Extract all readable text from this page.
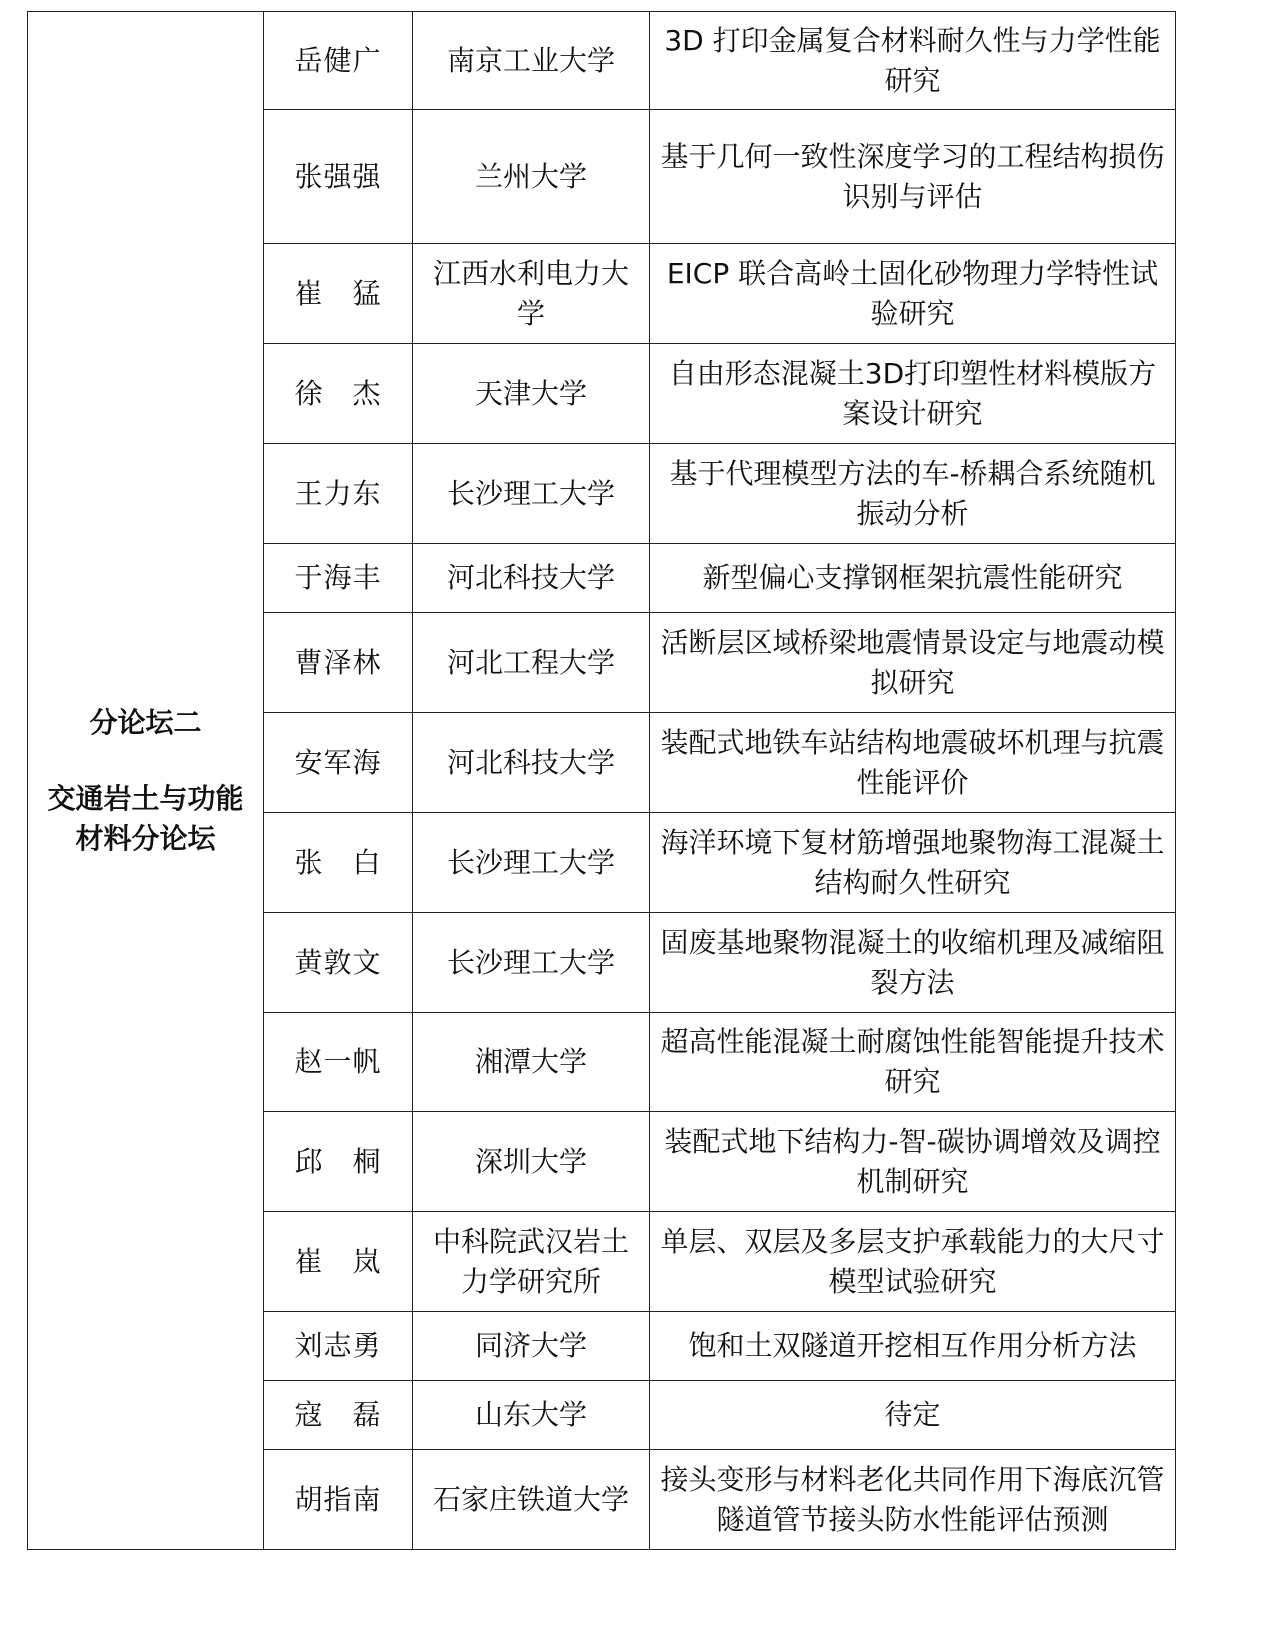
分论坛二
交通岩土与功能材料分论坛	岳健广	南京工业大学	3D 打印金属复合材料耐久性与力学性能研究
	张强强	兰州大学	基于几何一致性深度学习的工程结构损伤识别与评估
	崔　猛	江西水利电力大学	EICP 联合高岭土固化砂物理力学特性试验研究
	徐　杰	天津大学	自由形态混凝土3D打印塑性材料模版方案设计研究
	王力东	长沙理工大学	基于代理模型方法的车-桥耦合系统随机振动分析
	于海丰	河北科技大学	新型偏心支撑钢框架抗震性能研究
	曹泽林	河北工程大学	活断层区域桥梁地震情景设定与地震动模拟研究
	安军海	河北科技大学	装配式地铁车站结构地震破坏机理与抗震性能评价
	张　白	长沙理工大学	海洋环境下复材筋增强地聚物海工混凝土结构耐久性研究
	黄敦文	长沙理工大学	固废基地聚物混凝土的收缩机理及减缩阻裂方法
	赵一帆	湘潭大学	超高性能混凝土耐腐蚀性能智能提升技术研究
	邱　桐	深圳大学	装配式地下结构力-智-碳协调增效及调控机制研究
	崔　岚	中科院武汉岩土力学研究所	单层、双层及多层支护承载能力的大尺寸模型试验研究
	刘志勇	同济大学	饱和土双隧道开挖相互作用分析方法
	寇　磊	山东大学	待定
	胡指南	石家庄铁道大学	接头变形与材料老化共同作用下海底沉管隧道管节接头防水性能评估预测
